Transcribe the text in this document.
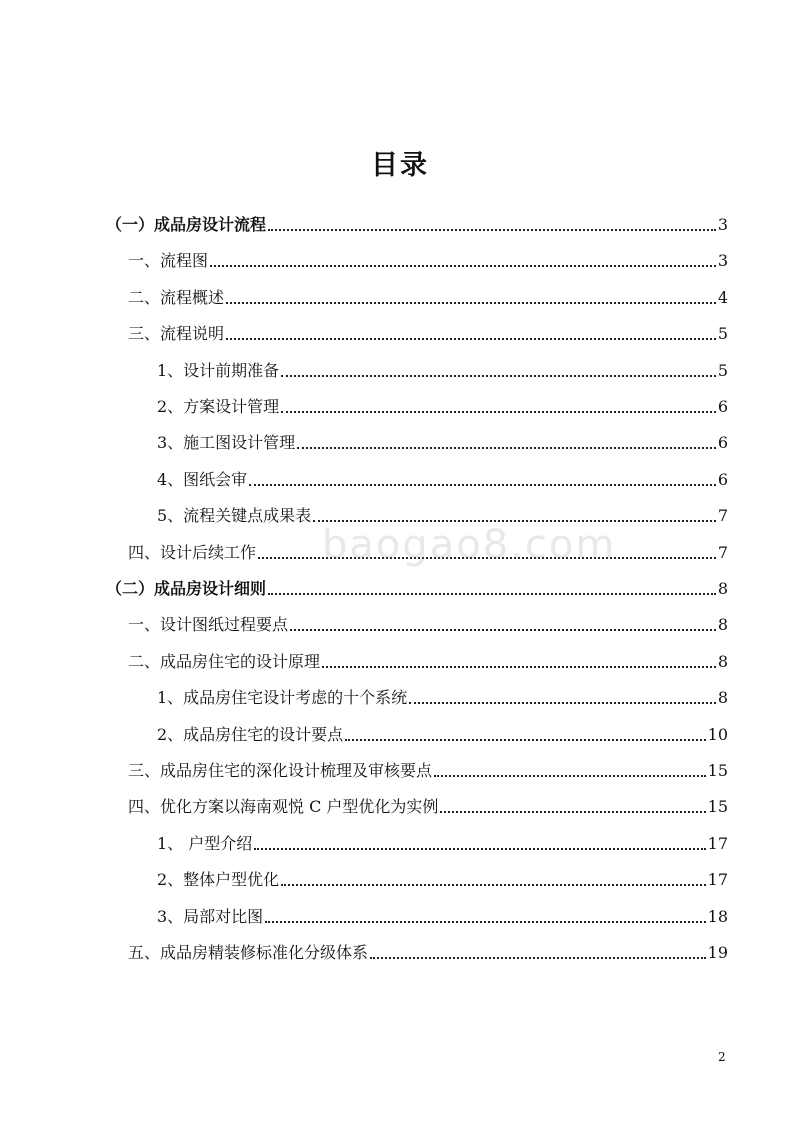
目录
（一）成品房设计流程	3
一、流程图	3
二、流程概述	4
三、流程说明	5
1、设计前期准备	5
2、方案设计管理	6
3、施工图设计管理	6
4、图纸会审	6
5、流程关键点成果表	7
四、设计后续工作	7
（二）成品房设计细则	8
一、设计图纸过程要点	8
二、成品房住宅的设计原理	8
1、成品房住宅设计考虑的十个系统	8
2、成品房住宅的设计要点	10
三、成品房住宅的深化设计梳理及审核要点	15
四、优化方案以海南观悦 C 户型优化为实例	15
1、 户型介绍	17
2、整体户型优化	17
3、局部对比图	18
五、成品房精装修标准化分级体系	19
baogao8.com
2
